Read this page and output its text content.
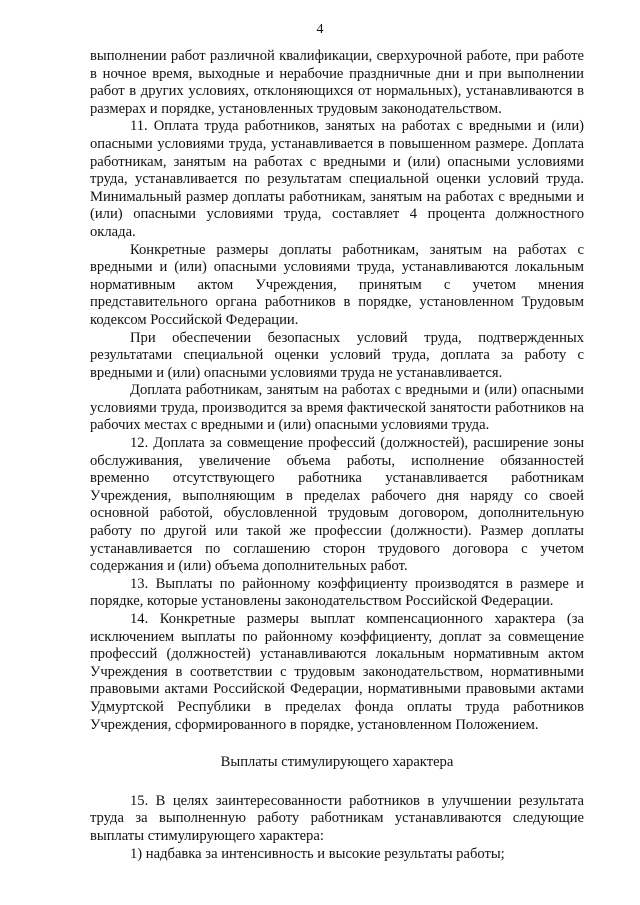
4

выполнении работ различной квалификации, сверхурочной работе, при работе в ночное время, выходные и нерабочие праздничные дни и при выполнении работ в других условиях, отклоняющихся от нормальных), устанавливаются в размерах и порядке, установленных трудовым законодательством.

11. Оплата труда работников, занятых на работах с вредными и (или) опасными условиями труда, устанавливается в повышенном размере. Доплата работникам, занятым на работах с вредными и (или) опасными условиями труда, устанавливается по результатам специальной оценки условий труда. Минимальный размер доплаты работникам, занятым на работах с вредными и (или) опасными условиями труда, составляет 4 процента должностного оклада.

Конкретные размеры доплаты работникам, занятым на работах с вредными и (или) опасными условиями труда, устанавливаются локальным нормативным актом Учреждения, принятым с учетом мнения представительного органа работников в порядке, установленном Трудовым кодексом Российской Федерации.

При обеспечении безопасных условий труда, подтвержденных результатами специальной оценки условий труда, доплата за работу с вредными и (или) опасными условиями труда не устанавливается.

Доплата работникам, занятым на работах с вредными и (или) опасными условиями труда, производится за время фактической занятости работников на рабочих местах с вредными и (или) опасными условиями труда.

12. Доплата за совмещение профессий (должностей), расширение зоны обслуживания, увеличение объема работы, исполнение обязанностей временно отсутствующего работника устанавливается работникам Учреждения, выполняющим в пределах рабочего дня наряду со своей основной работой, обусловленной трудовым договором, дополнительную работу по другой или такой же профессии (должности). Размер доплаты устанавливается по соглашению сторон трудового договора с учетом содержания и (или) объема дополнительных работ.

13. Выплаты по районному коэффициенту производятся в размере и порядке, которые установлены законодательством Российской Федерации.

14. Конкретные размеры выплат компенсационного характера (за исключением выплаты по районному коэффициенту, доплат за совмещение профессий (должностей) устанавливаются локальным нормативным актом Учреждения в соответствии с трудовым законодательством, нормативными правовыми актами Российской Федерации, нормативными правовыми актами Удмуртской Республики в пределах фонда оплаты труда работников Учреждения, сформированного в порядке, установленном Положением.

Выплаты стимулирующего характера

15. В целях заинтересованности работников в улучшении результата труда за выполненную работу работникам устанавливаются следующие выплаты стимулирующего характера:

1) надбавка за интенсивность и высокие результаты работы;
